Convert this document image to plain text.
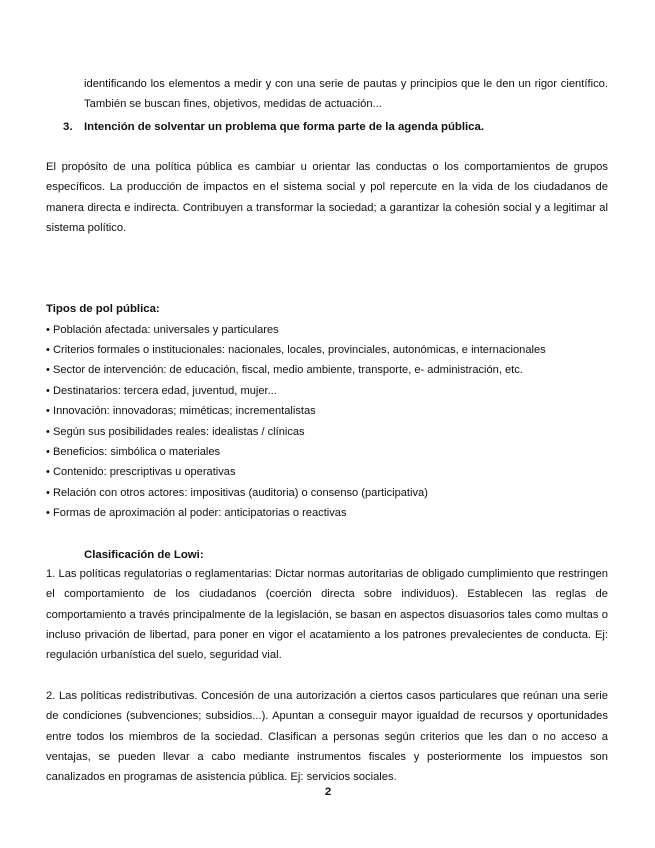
identificando los elementos a medir y con una serie de pautas y principios que le den un rigor científico. También se buscan fines, objetivos, medidas de actuación...
3. Intención de solventar un problema que forma parte de la agenda pública.
El propósito de una política pública es cambiar u orientar las conductas o los comportamientos de grupos específicos. La producción de impactos en el sistema social y pol repercute en la vida de los ciudadanos de manera directa e indirecta. Contribuyen a transformar la sociedad; a garantizar la cohesión social y a legitimar al sistema político.
Tipos de pol pública:
• Población afectada: universales y particulares
• Criterios formales o institucionales: nacionales, locales, provinciales, autonómicas, e internacionales
• Sector de intervención: de educación, fiscal, medio ambiente, transporte, e- administración, etc.
• Destinatarios: tercera edad, juventud, mujer...
• Innovación: innovadoras; miméticas; incrementalistas
• Según sus posibilidades reales: idealistas / clínicas
• Beneficios: simbólica o materiales
• Contenido: prescriptivas u operativas
• Relación con otros actores: impositivas (auditoria) o consenso (participativa)
• Formas de aproximación al poder: anticipatorias o reactivas
Clasificación de Lowi:
1. Las políticas regulatorias o reglamentarias: Dictar normas autoritarias de obligado cumplimiento que restringen el comportamiento de los ciudadanos (coerción directa sobre individuos). Establecen las reglas de comportamiento a través principalmente de la legislación, se basan en aspectos disuasorios tales como multas o incluso privación de libertad, para poner en vigor el acatamiento a los patrones prevalecientes de conducta. Ej: regulación urbanística del suelo, seguridad vial.
2. Las políticas redistributivas. Concesión de una autorización a ciertos casos particulares que reúnan una serie de condiciones (subvenciones; subsidios...). Apuntan a conseguir mayor igualdad de recursos y oportunidades entre todos los miembros de la sociedad. Clasifican a personas según criterios que les dan o no acceso a ventajas, se pueden llevar a cabo mediante instrumentos fiscales y posteriormente los impuestos son canalizados en programas de asistencia pública. Ej: servicios sociales.
2
